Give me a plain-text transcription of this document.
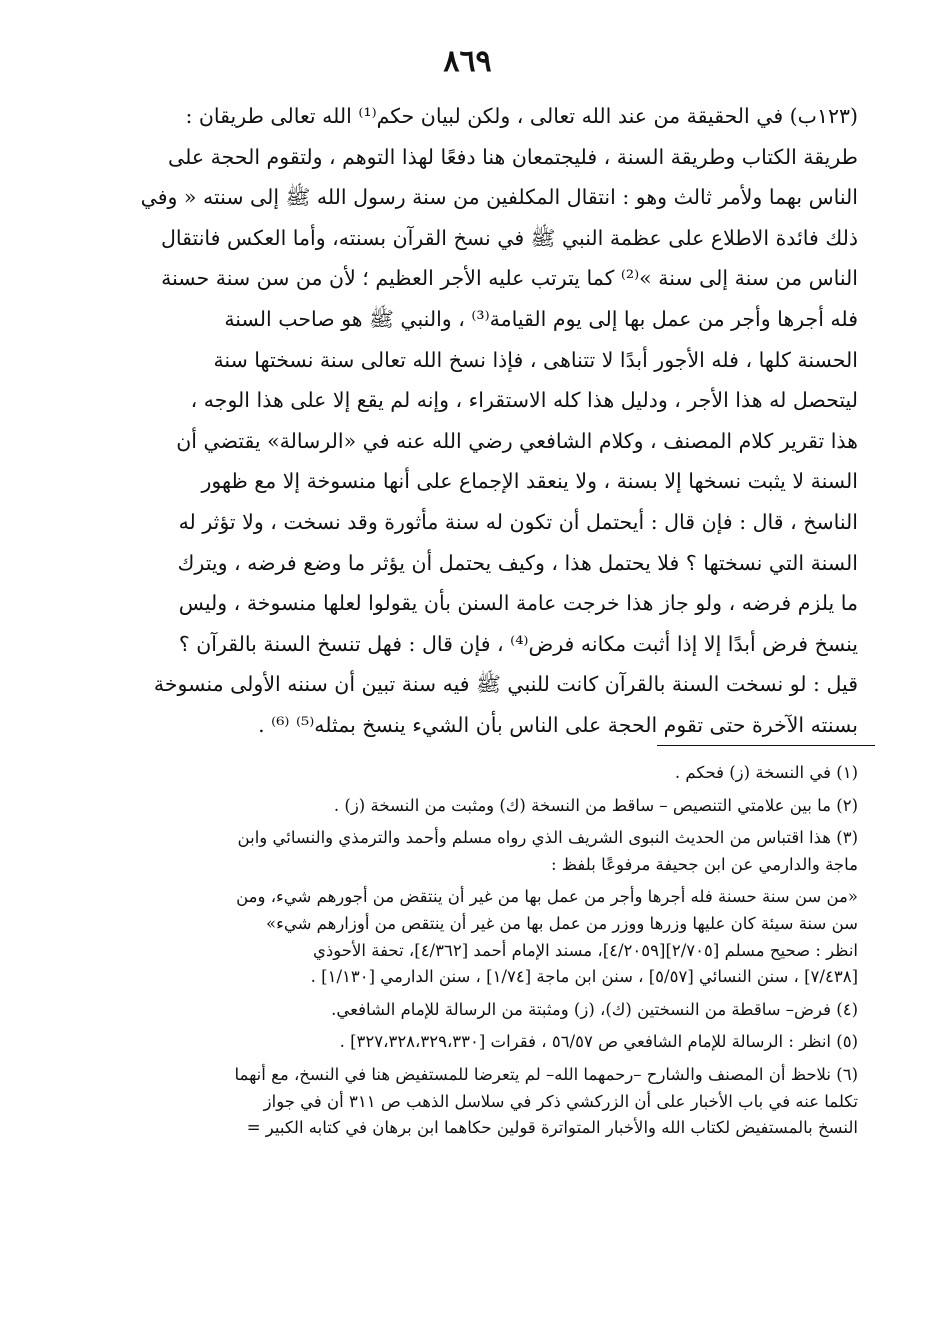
٨٦٩
(١٢٣ب) في الحقيقة من عند الله تعالى ، ولكن لبيان حكم⁽¹⁾ الله تعالى طريقان :
طريقة الكتاب وطريقة السنة ، فليجتمعان هنا دفعًا لهذا التوهم ، ولتقوم الحجة على
الناس بهما ولأمر ثالث وهو : انتقال المكلفين من سنة رسول الله ﷺ إلى سنته « وفي
ذلك فائدة الاطلاع على عظمة النبي ﷺ في نسخ القرآن بسنته، وأما العكس فانتقال
الناس من سنة إلى سنة »⁽²⁾ كما يترتب عليه الأجر العظيم ؛ لأن من سن سنة حسنة
فله أجرها وأجر من عمل بها إلى يوم القيامة⁽³⁾ ، والنبي ﷺ هو صاحب السنة
الحسنة كلها ، فله الأجور أبدًا لا تتناهى ، فإذا نسخ الله تعالى سنة نسختها سنة
ليتحصل له هذا الأجر ، ودليل هذا كله الاستقراء ، وإنه لم يقع إلا على هذا الوجه ،
هذا تقرير كلام المصنف ، وكلام الشافعي رضي الله عنه في «الرسالة» يقتضي أن
السنة لا يثبت نسخها إلا بسنة ، ولا ينعقد الإجماع على أنها منسوخة إلا مع ظهور
الناسخ ، قال : فإن قال : أيحتمل أن تكون له سنة مأثورة وقد نسخت ، ولا تؤثر له
السنة التي نسختها ؟ فلا يحتمل هذا ، وكيف يحتمل أن يؤثر ما وضع فرضه ، ويترك
ما يلزم فرضه ، ولو جاز هذا خرجت عامة السنن بأن يقولوا لعلها منسوخة ، وليس
ينسخ فرض أبدًا إلا إذا أثبت مكانه فرض⁽⁴⁾ ، فإن قال : فهل تنسخ السنة بالقرآن ؟
قيل : لو نسخت السنة بالقرآن كانت للنبي ﷺ فيه سنة تبين أن سننه الأولى منسوخة
بسنته الآخرة حتى تقوم الحجة على الناس بأن الشيء ينسخ بمثله⁽⁵⁾ ⁽⁶⁾ .
(١) في النسخة (ز) فحكم .
(٢) ما بين علامتي التنصيص – ساقط من النسخة (ك) ومثبت من النسخة (ز) .
(٣) هذا اقتباس من الحديث النبوى الشريف الذي رواه مسلم وأحمد والترمذي والنسائي وابن
ماجة والدارمي عن ابن جحيفة مرفوعًا بلفظ :
«من سن سنة حسنة فله أجرها وأجر من عمل بها من غير أن ينتقض من أجورهم شيء، ومن
سن سنة سيئة كان عليها وزرها ووزر من عمل بها من غير أن ينتقص من أوزارهم شيء»
انظر : صحيح مسلم [٢/٧٠٥][٤/٢٠٥٩]، مسند الإمام أحمد [٤/٣٦٢]، تحفة الأحوذي
[٧/٤٣٨] ، سنن النسائي [٥/٥٧] ، سنن ابن ماجة [١/٧٤] ، سنن الدارمي [١/١٣٠] .
(٤) فرض– ساقطة من النسختين (ك)، (ز) ومثبتة من الرسالة للإمام الشافعي.
(٥) انظر : الرسالة للإمام الشافعي ص ٥٦/٥٧ ، فقرات [٣٢٧،٣٢٨،٣٢٩،٣٣٠] .
(٦) نلاحظ أن المصنف والشارح –رحمهما الله– لم يتعرضا للمستفيض هنا في النسخ، مع أنهما
تكلما عنه في باب الأخبار على أن الزركشي ذكر في سلاسل الذهب ص ٣١١ أن في جواز
النسخ بالمستفيض لكتاب الله والأخبار المتواترة قولين حكاهما ابن برهان في كتابه الكبير =
